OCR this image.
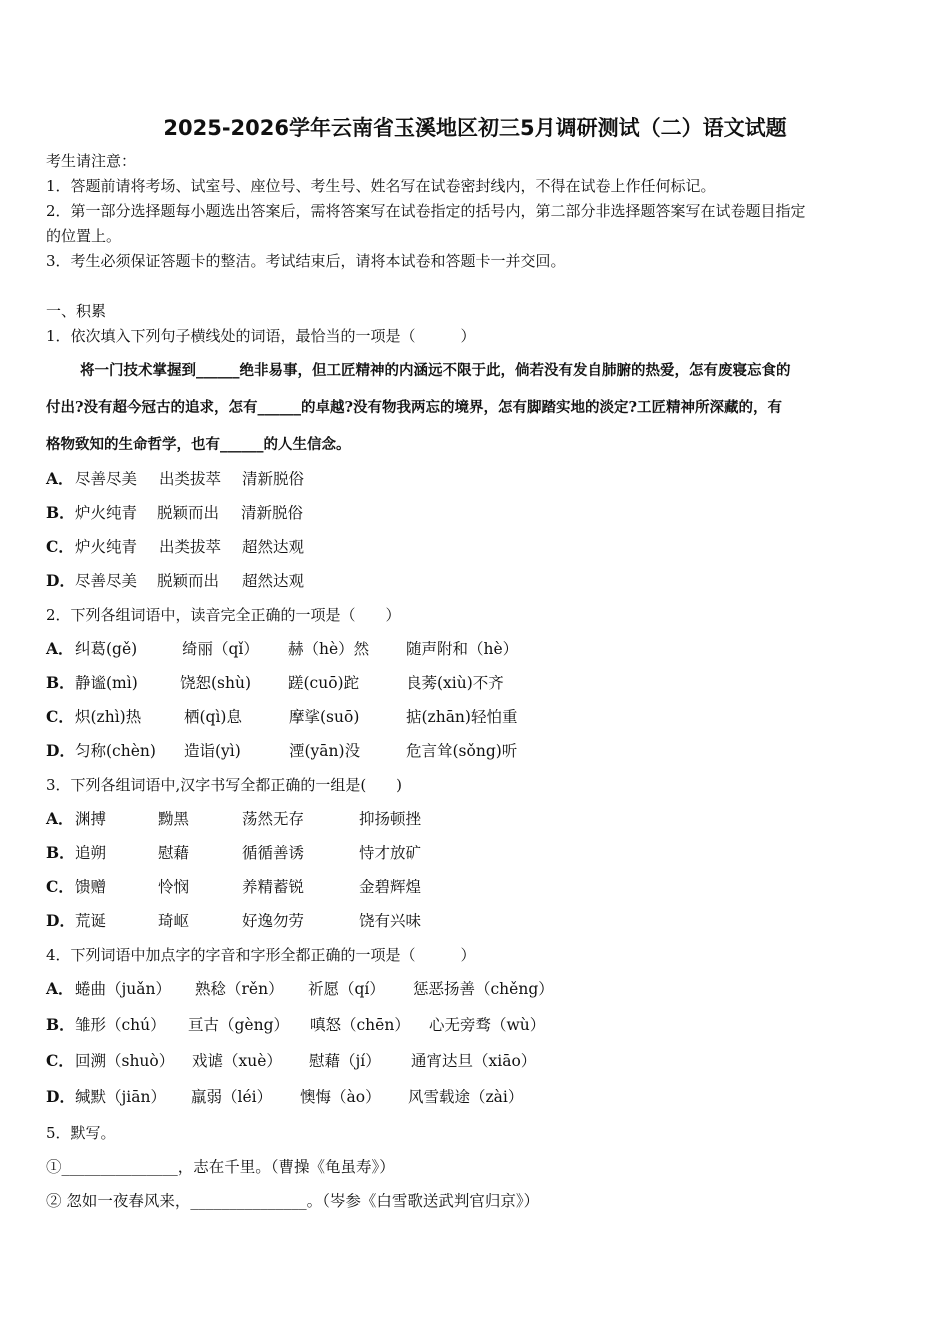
2025-2026学年云南省玉溪地区初三5月调研测试（二）语文试题
考生请注意：
1．答题前请将考场、试室号、座位号、考生号、姓名写在试卷密封线内，不得在试卷上作任何标记。
2．第一部分选择题每小题选出答案后，需将答案写在试卷指定的括号内，第二部分非选择题答案写在试卷题目指定
的位置上。
3．考生必须保证答题卡的整洁。考试结束后，请将本试卷和答题卡一并交回。
一、积累
1．依次填入下列句子横线处的词语，最恰当的一项是（　　　）
将一门技术掌握到______绝非易事，但工匠精神的内涵远不限于此，倘若没有发自肺腑的热爱，怎有废寝忘食的
付出?没有超今冠古的追求，怎有______的卓越?没有物我两忘的境界，怎有脚踏实地的淡定?工匠精神所深藏的，有
格物致知的生命哲学，也有______的人生信念。
A． 尽善尽美 出类拔萃 清新脱俗
B． 炉火纯青 脱颖而出 清新脱俗
C． 炉火纯青 出类拔萃 超然达观
D． 尽善尽美 脱颖而出 超然达观
2．下列各组词语中，读音完全正确的一项是（　　）
A． 纠葛(gě)	绮丽（qǐ） 赫（hè）然 随声附和（hè）
B． 静谧(mì)	饶恕(shù) 蹉(cuō)跎	良莠(xiù)不齐
C． 炽(zhì)热	栖(qì)息	摩挲(suō)	掂(zhān)轻怕重
D． 匀称(chèn) 造诣(yì)	湮(yān)没	危言耸(sǒng)听
3．下列各组词语中,汉字书写全都正确的一组是(　　)
A． 渊搏	黝黑	荡然无存	抑扬顿挫
B． 追朔	慰藉	循循善诱	恃才放矿
C． 馈赠	怜悯	养精蓄锐	金碧辉煌
D． 荒诞	琦岖	好逸勿劳	饶有兴味
4．下列词语中加点字的字音和字形全都正确的一项是（　　　）
A． 蜷曲（juǎn） 熟稔（rěn） 祈愿（qí） 惩恶扬善（chěng）
B． 雏形（chú） 亘古（gèng） 嗔怒（chēn） 心无旁骛（wù）
C． 回溯（shuò） 戏谑（xuè） 慰藉（jí） 通宵达旦（xiāo）
D． 缄默（jiān） 羸弱（léi） 懊悔（ào） 风雪载途（zài）
5．默写。
①_______________，志在千里。（曹操《龟虽寿》）
② 忽如一夜春风来，_______________。（岑参《白雪歌送武判官归京》）
